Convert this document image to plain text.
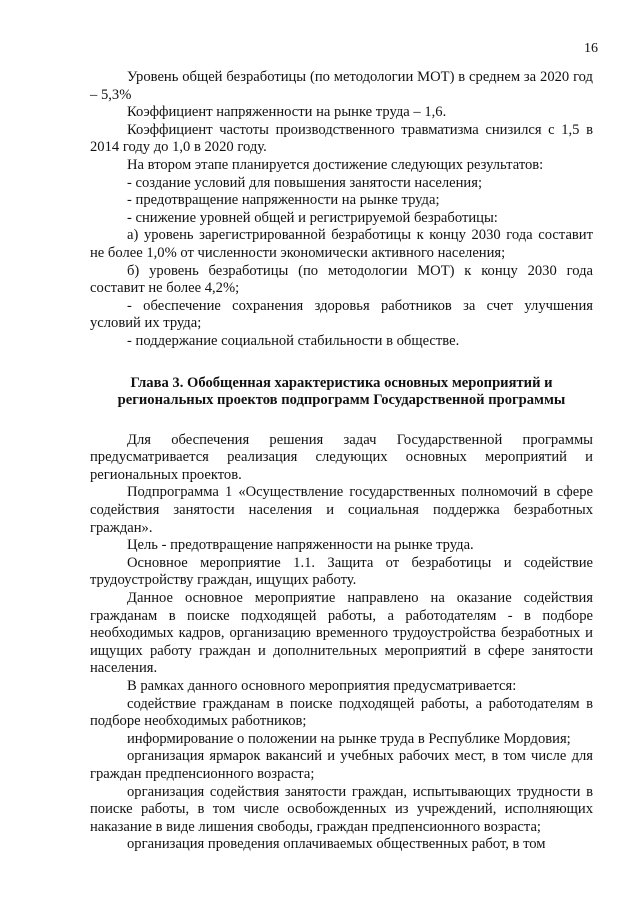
16

Уровень общей безработицы (по методологии МОТ) в среднем за 2020 год – 5,3%

Коэффициент напряженности на рынке труда – 1,6.

Коэффициент частоты производственного травматизма снизился с 1,5 в 2014 году до 1,0 в 2020 году.

На втором этапе планируется достижение следующих результатов:

- создание условий для повышения занятости населения;

- предотвращение напряженности на рынке труда;

- снижение уровней общей и регистрируемой безработицы:

а) уровень зарегистрированной безработицы к концу 2030 года составит не более 1,0% от численности экономически активного населения;

б) уровень безработицы (по методологии МОТ) к концу 2030 года составит не более 4,2%;

- обеспечение сохранения здоровья работников за счет улучшения условий их труда;

- поддержание социальной стабильности в обществе.

Глава 3. Обобщенная характеристика основных мероприятий и региональных проектов подпрограмм Государственной программы

Для обеспечения решения задач Государственной программы предусматривается реализация следующих основных мероприятий и региональных проектов.

Подпрограмма 1 «Осуществление государственных полномочий в сфере содействия занятости населения и социальная поддержка безработных граждан».

Цель - предотвращение напряженности на рынке труда.

Основное мероприятие 1.1. Защита от безработицы и содействие трудоустройству граждан, ищущих работу.

Данное основное мероприятие направлено на оказание содействия гражданам в поиске подходящей работы, а работодателям - в подборе необходимых кадров, организацию временного трудоустройства безработных и ищущих работу граждан и дополнительных мероприятий в сфере занятости населения.

В рамках данного основного мероприятия предусматривается:

содействие гражданам в поиске подходящей работы, а работодателям в подборе необходимых работников;

информирование о положении на рынке труда в Республике Мордовия;

организация ярмарок вакансий и учебных рабочих мест, в том числе для граждан предпенсионного возраста;

организация содействия занятости граждан, испытывающих трудности в поиске работы, в том числе освобожденных из учреждений, исполняющих наказание в виде лишения свободы, граждан предпенсионного возраста;

организация проведения оплачиваемых общественных работ, в том
